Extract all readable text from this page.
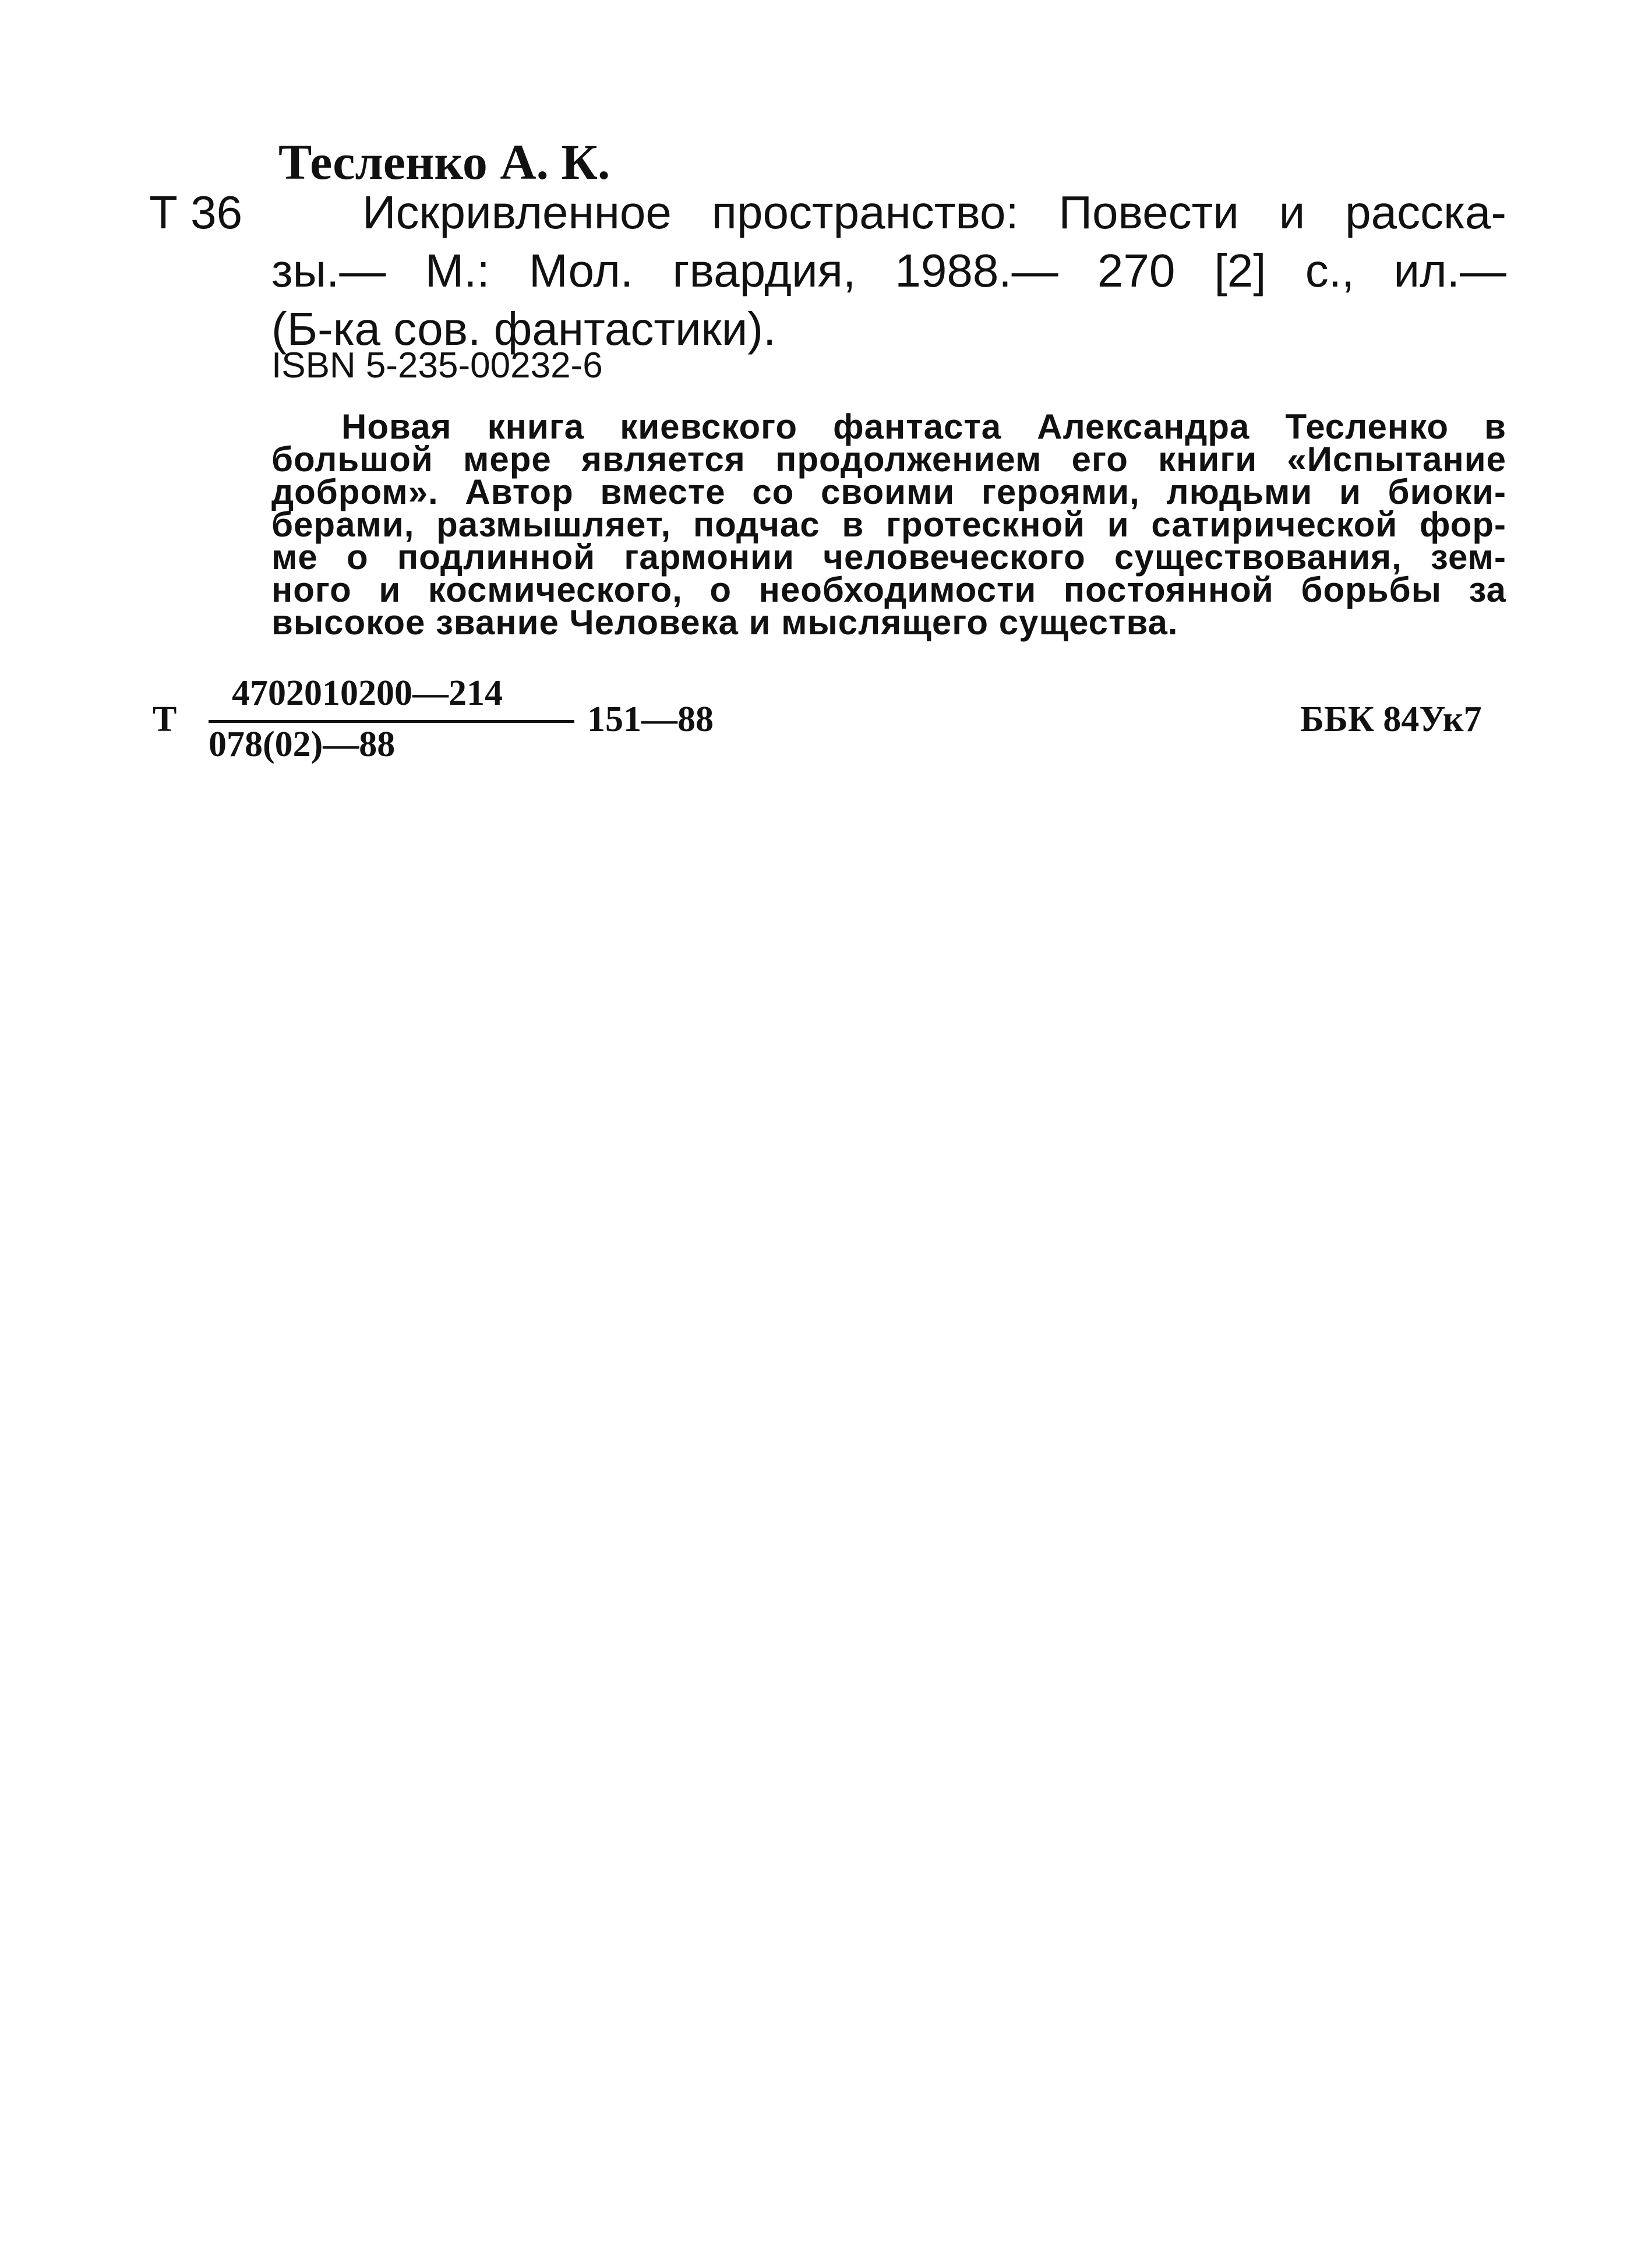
Тесленко А. К.
Т 36	Искривленное пространство: Повести и расска-
зы.— М.: Мол. гвардия, 1988.— 270 [2] с., ил.—
(Б-ка сов. фантастики).
ISBN 5-235-00232-6
Новая книга киевского фантаста Александра Тесленко в
большой мере является продолжением его книги «Испытание
добром». Автор вместе со своими героями, людьми и биоки-
берами, размышляет, подчас в гротескной и сатирической фор-
ме о подлинной гармонии человеческого существования, зем-
ного и космического, о необходимости постоянной борьбы за
высокое звание Человека и мыслящего существа.
Т
4702010200—214
078(02)—88
151—88	ББК 84Ук7
